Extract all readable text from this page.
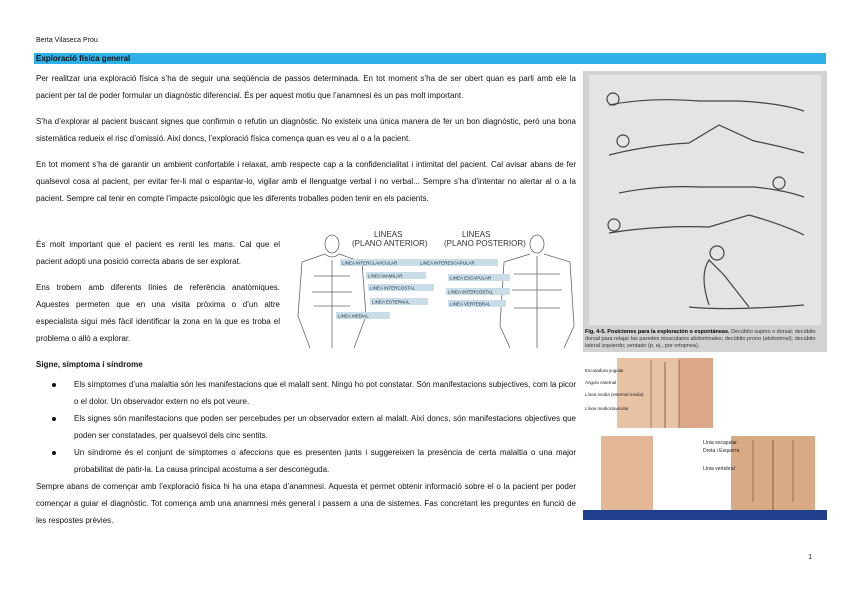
Berta Vilaseca Prou
Exploració física general
Per realitzar una exploració física s’ha de seguir una seqüència de passos determinada. En tot moment s’ha de ser obert quan es parli amb ele la pacient per tal de poder formular un diagnòstic diferencial. És per aquest motiu que l’anamnesi és un pas molt important.
S’ha d’explorar al pacient buscant signes que confirmin o refutin un diagnòstic. No existeix una única manera de fer un bon diagnòstic, però una bona sistemàtica redueix el risc d’omissió. Així doncs, l’exploració física comença quan es veu al o a la pacient.
En tot moment s’ha de garantir un ambient confortable i relaxat, amb respecte cap a la confidencialitat i intimitat del pacient. Cal avisar abans de fer qualsevol cosa al pacient, per evitar fer-li mal o espantar-lo, vigilar amb el llenguatge verbal i no verbal... Sempre s’ha d’intentar no alertar al o a la pacient. Sempre cal tenir en compte l’impacte psicològic que les diferents troballes poden tenir en els pacients.
És molt important que el pacient es renti les mans. Cal que el pacient adopti una posició correcta abans de ser explorat.
Ens trobem amb diferents línies de referència anatòmiques. Aquestes permeten que en una visita pròxima o d’un altre especialista sigui més fàcil identificar la zona en la que es troba el problema o allò a explorar.
LINEAS
(PLANO ANTERIOR)
LINEAS
(PLANO POSTERIOR)
LINEA INTERCLAVICULAR
LINEA MAMILAR
LINEA INTERCOSTAL
LINEA ESTERNAL
LINEA MEDIAL
LINEA INTERESCAPULAR
LINEA ESCAPULAR
LINEA INTERCOSTAL
LINEA VERTEBRAL
Fig. 4-5. Posiciones para la exploración o espontáneas. Decúbito supino o dorsal; decúbito dorsal para relajar las paredes musculares abdominales; decúbito prono (abdominal); decúbito lateral izquierdo; sentado (p. ej., por ortopnea).
Escotadura yugular
Ángulo esternal
Línea media (esternal media)
Línea medioclavicular
Línia escapular
Dreta i Esquerra
Línia vertebral
Signe, símptoma i síndrome
Els símptomes d’una malaltia són les manifestacions que el malalt sent. Ningú ho pot constatar. Són manifestacions subjectives, com la picor o el dolor. Un observador extern no els pot veure.
Els signes són manifestacions que poden ser percebudes per un observador extern al malalt. Així doncs, són manifestacions objectives que poden ser constatades, per qualsevol dels cinc sentits.
Un síndrome és el conjunt de símptomes o afeccions que es presenten junts i suggereixen la presència de certa malaltia o una major probabilitat de patir-la. La causa principal acostuma a ser desconeguda.
Sempre abans de començar amb l’exploració física hi ha una etapa d’anamnesi. Aquesta et permet obtenir informació sobre el o la pacient per poder començar a guiar el diagnòstic. Tot comença amb una anamnesi més general i passem a una de sistemes. Fas concretant les preguntes en funció de les respostes prèvies.
1
